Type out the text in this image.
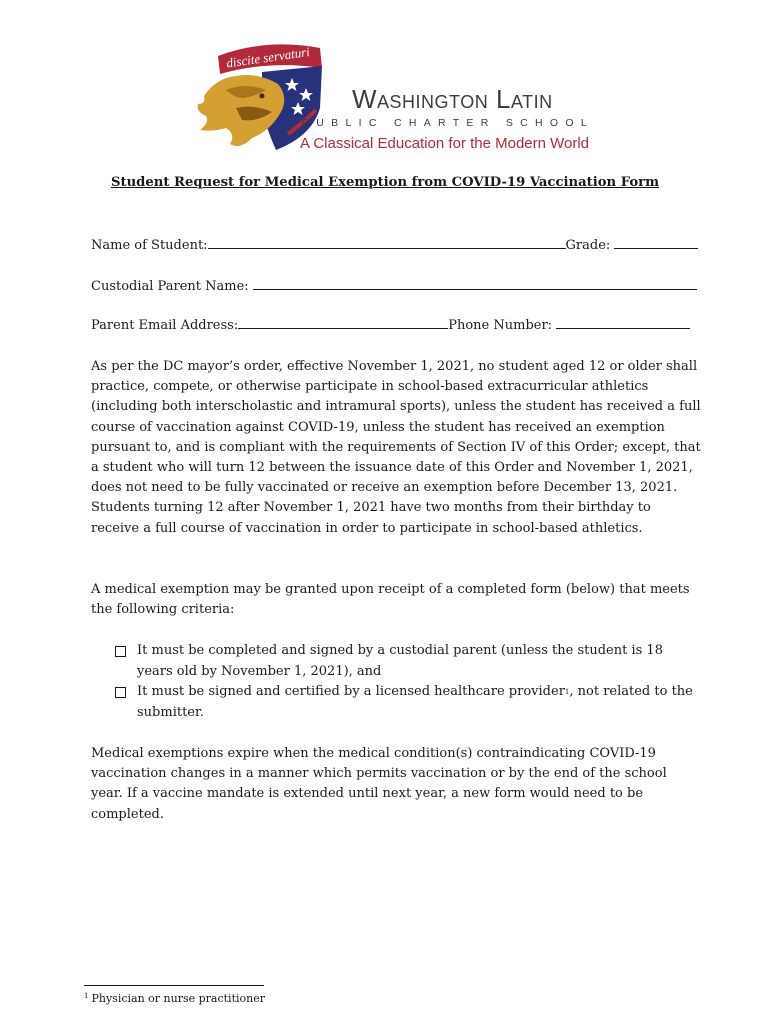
discite servaturi
Washington Latin
PUBLIC CHARTER SCHOOL
A Classical Education for the Modern World
Student Request for Medical Exemption from COVID-19 Vaccination Form
Name of Student:	Grade:
Custodial Parent Name:
Parent Email Address:	Phone Number:

As per the DC mayor’s order, effective November 1, 2021, no student aged 12 or older shall practice, compete, or otherwise participate in school-based extracurricular athletics (including both interscholastic and intramural sports), unless the student has received a full course of vaccination against COVID-19, unless the student has received an exemption pursuant to, and is compliant with the requirements of Section IV of this Order; except, that a student who will turn 12 between the issuance date of this Order and November 1, 2021, does not need to be fully vaccinated or receive an exemption before December 13, 2021. Students turning 12 after November 1, 2021 have two months from their birthday to receive a full course of vaccination in order to participate in school-based athletics.

A medical exemption may be granted upon receipt of a completed form (below) that meets the following criteria:

It must be completed and signed by a custodial parent (unless the student is 18 years old by November 1, 2021), and
It must be signed and certified by a licensed healthcare provider$^1$, not related to the submitter.

Medical exemptions expire when the medical condition(s) contraindicating COVID-19 vaccination changes in a manner which permits vaccination or by the end of the school year. If a vaccine mandate is extended until next year, a new form would need to be completed.

$^1$ Physician or nurse practitioner
